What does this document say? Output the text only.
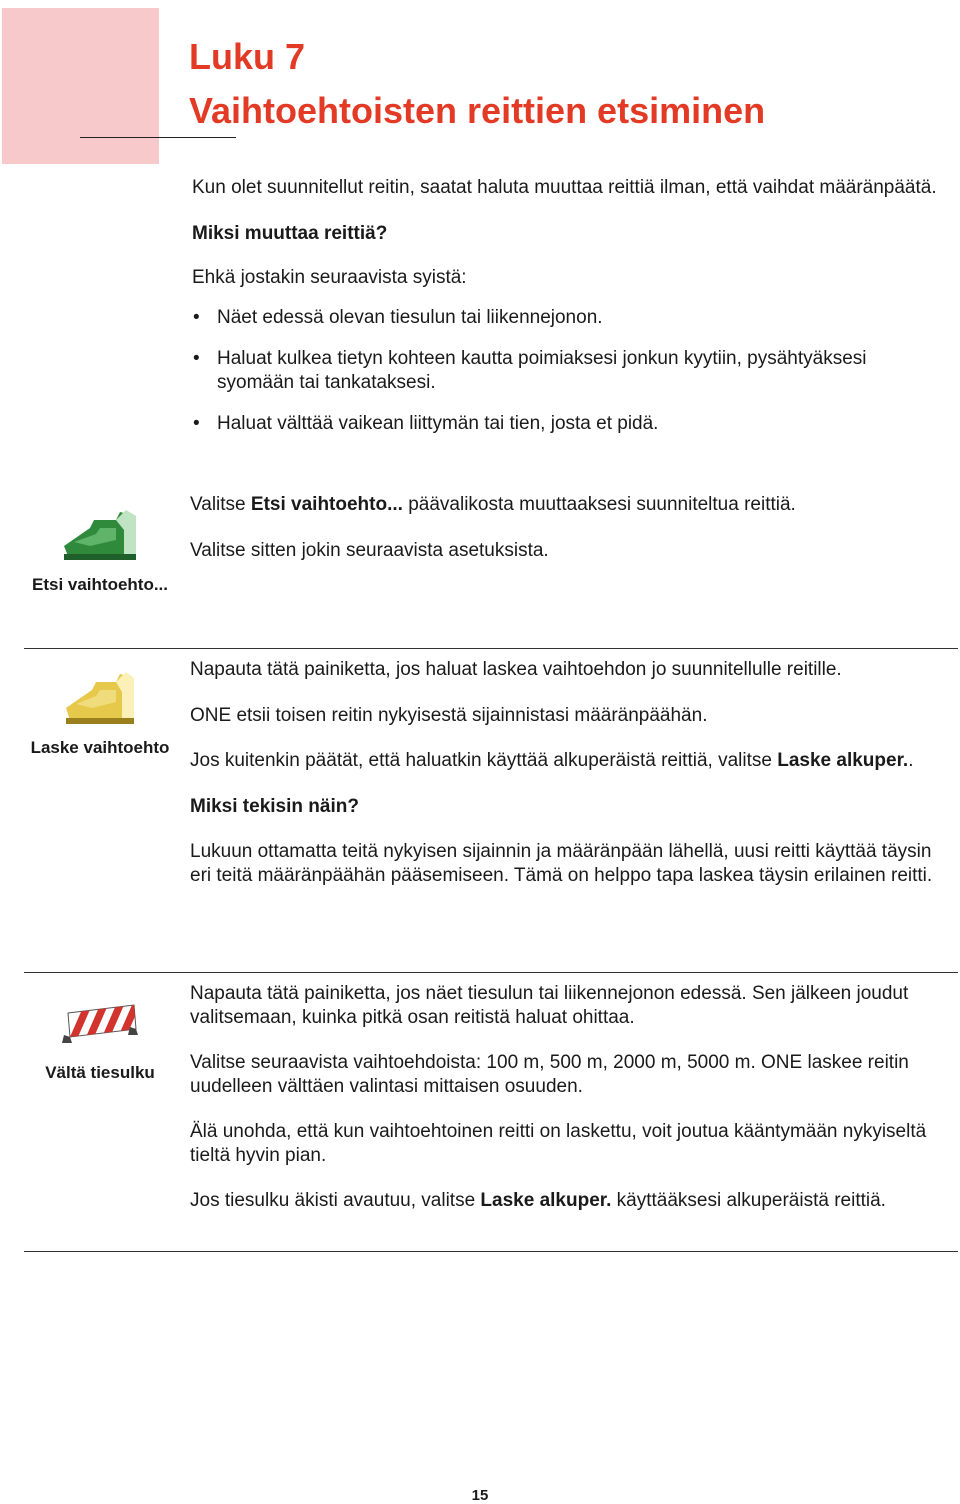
Luku 7
Vaihtoehtoisten reittien etsiminen

Kun olet suunnitellut reitin, saatat haluta muuttaa reittiä ilman, että vaihdat määränpäätä.

Miksi muuttaa reittiä?

Ehkä jostakin seuraavista syistä:

• Näet edessä olevan tiesulun tai liikennejonon.
• Haluat kulkea tietyn kohteen kautta poimiaksesi jonkun kyytiin, pysähtyäksesi syomään tai tankataksesi.
• Haluat välttää vaikean liittymän tai tien, josta et pidä.
Etsi vaihtoehto...

Valitse Etsi vaihtoehto... päävalikosta muuttaaksesi suunniteltua reittiä.

Valitse sitten jokin seuraavista asetuksista.

Laske vaihtoehto

Napauta tätä painiketta, jos haluat laskea vaihtoehdon jo suunnitellulle reitille.

ONE etsii toisen reitin nykyisestä sijainnistasi määränpäähän.

Jos kuitenkin päätät, että haluatkin käyttää alkuperäistä reittiä, valitse Laske alkuper..

Miksi tekisin näin?

Lukuun ottamatta teitä nykyisen sijainnin ja määränpään lähellä, uusi reitti käyttää täysin eri teitä määränpäähän pääsemiseen. Tämä on helppo tapa laskea täysin erilainen reitti.

Vältä tiesulku

Napauta tätä painiketta, jos näet tiesulun tai liikennejonon edessä. Sen jälkeen joudut valitsemaan, kuinka pitkä osan reitistä haluat ohittaa.

Valitse seuraavista vaihtoehdoista: 100 m, 500 m, 2000 m, 5000 m. ONE laskee reitin uudelleen välttäen valintasi mittaisen osuuden.

Älä unohda, että kun vaihtoehtoinen reitti on laskettu, voit joutua kääntymään nykyiseltä tieltä hyvin pian.

Jos tiesulku äkisti avautuu, valitse Laske alkuper. käyttääksesi alkuperäistä reittiä.

15
